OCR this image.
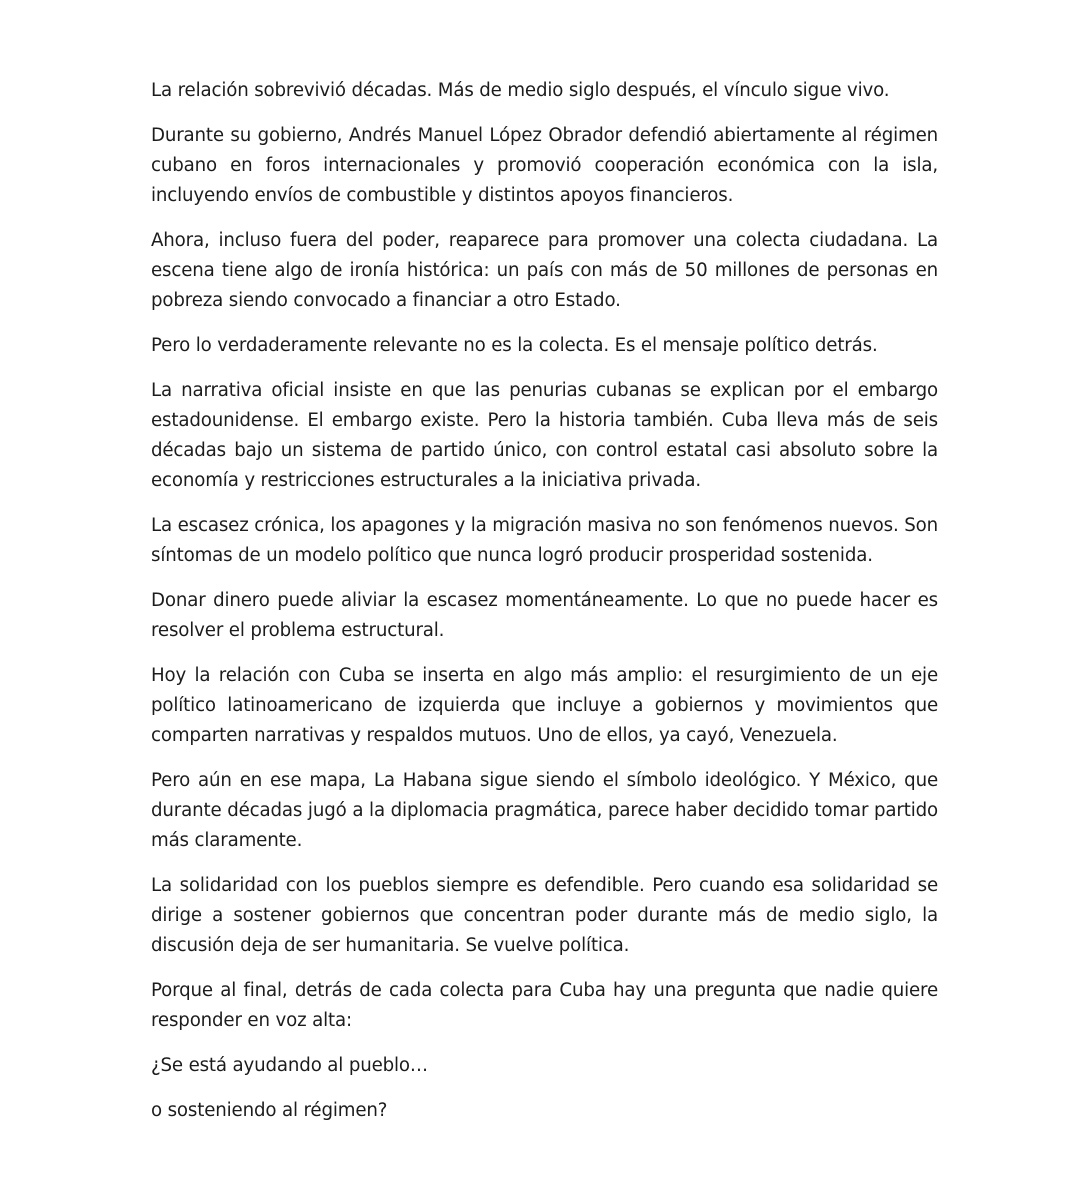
La relación sobrevivió décadas. Más de medio siglo después, el vínculo sigue vivo.

Durante su gobierno, Andrés Manuel López Obrador defendió abiertamente al régimen cubano en foros internacionales y promovió cooperación económica con la isla, incluyendo envíos de combustible y distintos apoyos financieros.

Ahora, incluso fuera del poder, reaparece para promover una colecta ciudadana. La escena tiene algo de ironía histórica: un país con más de 50 millones de personas en pobreza siendo convocado a financiar a otro Estado.

Pero lo verdaderamente relevante no es la colecta. Es el mensaje político detrás.

La narrativa oficial insiste en que las penurias cubanas se explican por el embargo estadounidense. El embargo existe. Pero la historia también. Cuba lleva más de seis décadas bajo un sistema de partido único, con control estatal casi absoluto sobre la economía y restricciones estructurales a la iniciativa privada.

La escasez crónica, los apagones y la migración masiva no son fenómenos nuevos. Son síntomas de un modelo político que nunca logró producir prosperidad sostenida.

Donar dinero puede aliviar la escasez momentáneamente. Lo que no puede hacer es resolver el problema estructural.

Hoy la relación con Cuba se inserta en algo más amplio: el resurgimiento de un eje político latinoamericano de izquierda que incluye a gobiernos y movimientos que comparten narrativas y respaldos mutuos. Uno de ellos, ya cayó, Venezuela.

Pero aún en ese mapa, La Habana sigue siendo el símbolo ideológico. Y México, que durante décadas jugó a la diplomacia pragmática, parece haber decidido tomar partido más claramente.

La solidaridad con los pueblos siempre es defendible. Pero cuando esa solidaridad se dirige a sostener gobiernos que concentran poder durante más de medio siglo, la discusión deja de ser humanitaria. Se vuelve política.

Porque al final, detrás de cada colecta para Cuba hay una pregunta que nadie quiere responder en voz alta:

¿Se está ayudando al pueblo…

o sosteniendo al régimen?
